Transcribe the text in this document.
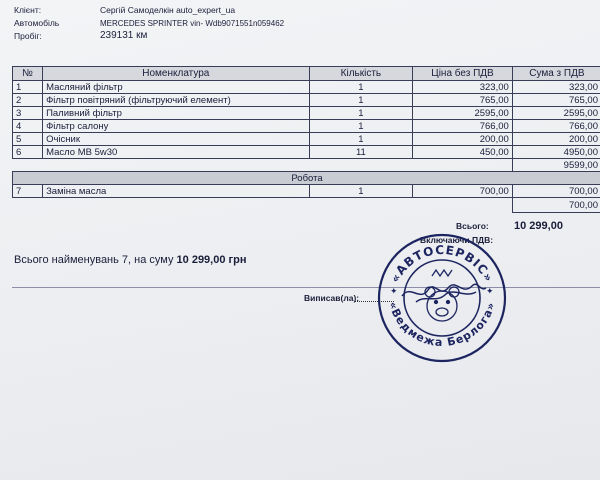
Клієнт:	Сергій Самоделкін auto_expert_ua
Автомобіль	MERCEDES SPRINTER vin- Wdb9071551n059462
Пробіг:	239131 км
№	Номенклатура	Кількість	Ціна без ПДВ	Сума з ПДВ
1	Масляний фільтр	1	323,00	323,00
2	Фільтр повітряний (фільтруючий елемент)	1	765,00	765,00
3	Паливний фільтр	1	2595,00	2595,00
4	Фільтр салону	1	766,00	766,00
5	Очісник	1	200,00	200,00
6	Масло МВ 5w30	11	450,00	4950,00
				9599,00
Робота				
7	Заміна масла	1	700,00	700,00
				700,00
Всього: 10 299,00
Включаючи ПДВ:
Всього найменувань 7, на суму 10 299,00 грн
Виписав(ла):
«АВТОСЕРВІС»
«Ведмежа Берлога»
✦	✦
